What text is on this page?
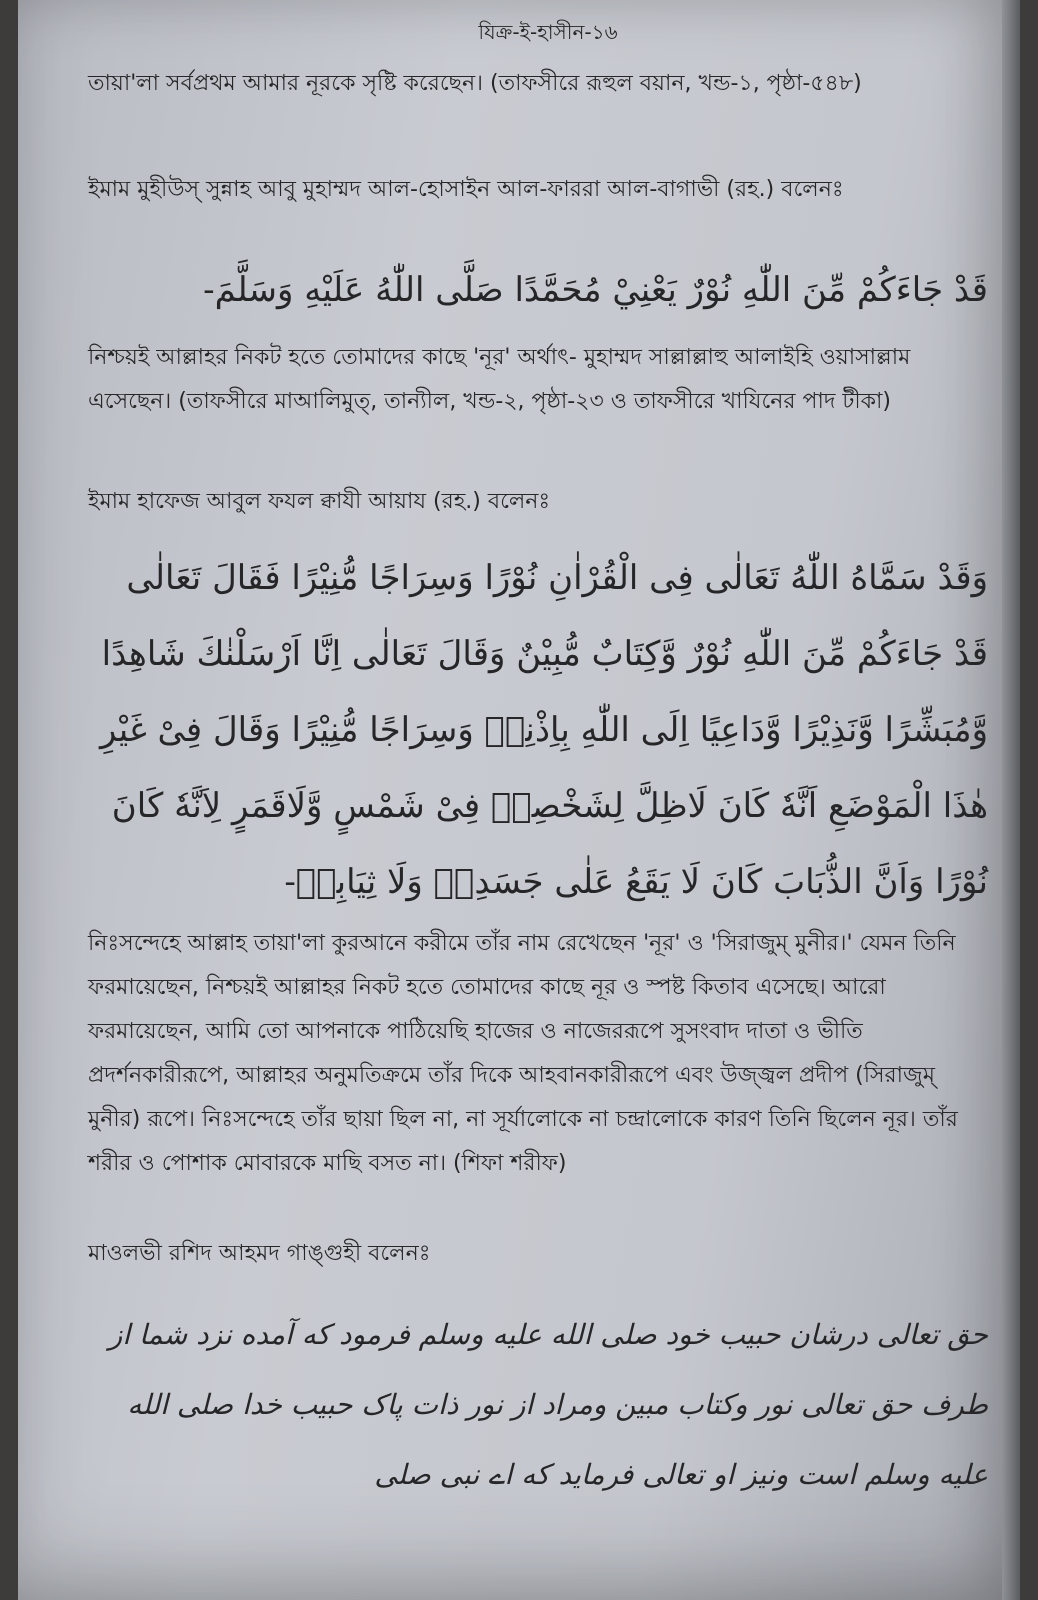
যিক্র-ই-হাসীন-১৬
তায়া'লা সর্বপ্রথম আমার নূরকে সৃষ্টি করেছেন। (তাফসীরে রূহুল বয়ান, খন্ড-১, পৃষ্ঠা-৫৪৮)
ইমাম মুহীউস্ সুন্নাহ আবু মুহাম্মদ আল-হোসাইন আল-ফাররা আল-বাগাভী (রহ.) বলেনঃ
قَدْ جَاءَكُمْ مِّنَ اللّٰهِ نُوْرٌ يَعْنِيْ مُحَمَّدًا صَلَّى اللّٰهُ عَلَيْهِ وَسَلَّمَ-
নিশ্চয়ই আল্লাহর নিকট হতে তোমাদের কাছে 'নূর' অর্থাৎ- মুহাম্মদ সাল্লাল্লাহু আলাইহি ওয়াসাল্লাম এসেছেন। (তাফসীরে মাআলিমুত্, তান্যীল, খন্ড-২, পৃষ্ঠা-২৩ ও তাফসীরে খাযিনের পাদ টীকা)
ইমাম হাফেজ আবুল ফযল ক্বাযী আয়ায (রহ.) বলেনঃ
وَقَدْ سَمَّاهُ اللّٰهُ تَعَالٰى فِى الْقُرْاٰنِ نُوْرًا وَسِرَاجًا مُّنِيْرًا فَقَالَ تَعَالٰى قَدْ جَاءَكُمْ مِّنَ اللّٰهِ نُوْرٌ وَّكِتَابٌ مُّبِيْنٌ وَقَالَ تَعَالٰى اِنَّا اَرْسَلْنٰكَ شَاهِدًا وَّمُبَشِّرًا وَّنَذِيْرًا وَّدَاعِيًا اِلَى اللّٰهِ بِاِذْنِهٖ وَسِرَاجًا مُّنِيْرًا وَقَالَ فِىْ غَيْرِ هٰذَا الْمَوْضَعِ اَنَّهٗ كَانَ لَاظِلَّ لِشَخْصِهٖ فِىْ شَمْسٍ وَّلَاقَمَرٍ لِاَنَّهٗ كَانَ نُوْرًا وَاَنَّ الذُّبَابَ كَانَ لَا يَقَعُ عَلٰى جَسَدِهٖ وَلَا ثِيَابِهٖ-
নিঃসন্দেহে আল্লাহ তায়া'লা কুরআনে করীমে তাঁর নাম রেখেছেন 'নূর' ও 'সিরাজুম্ মুনীর।' যেমন তিনি ফরমায়েছেন, নিশ্চয়ই আল্লাহর নিকট হতে তোমাদের কাছে নূর ও স্পষ্ট কিতাব এসেছে। আরো ফরমায়েছেন, আমি তো আপনাকে পাঠিয়েছি হাজের ও নাজেররূপে সুসংবাদ দাতা ও ভীতি প্রদর্শনকারীরূপে, আল্লাহর অনুমতিক্রমে তাঁর দিকে আহবানকারীরূপে এবং উজ্জ্বল প্রদীপ (সিরাজুম্ মুনীর) রূপে। নিঃসন্দেহে তাঁর ছায়া ছিল না, না সূর্যালোকে না চন্দ্রালোকে কারণ তিনি ছিলেন নূর। তাঁর শরীর ও পোশাক মোবারকে মাছি বসত না। (শিফা শরীফ)
মাওলভী রশিদ আহমদ গাঙ্গুহী বলেনঃ
حق تعالی درشان حبیب خود صلی الله علیه وسلم فرمود که آمده نزد شما از طرف حق تعالی نور وکتاب مبین ومراد از نور ذات پاک حبیب خدا صلی الله علیه وسلم است ونیز او تعالی فرماید که اے نبی صلی
